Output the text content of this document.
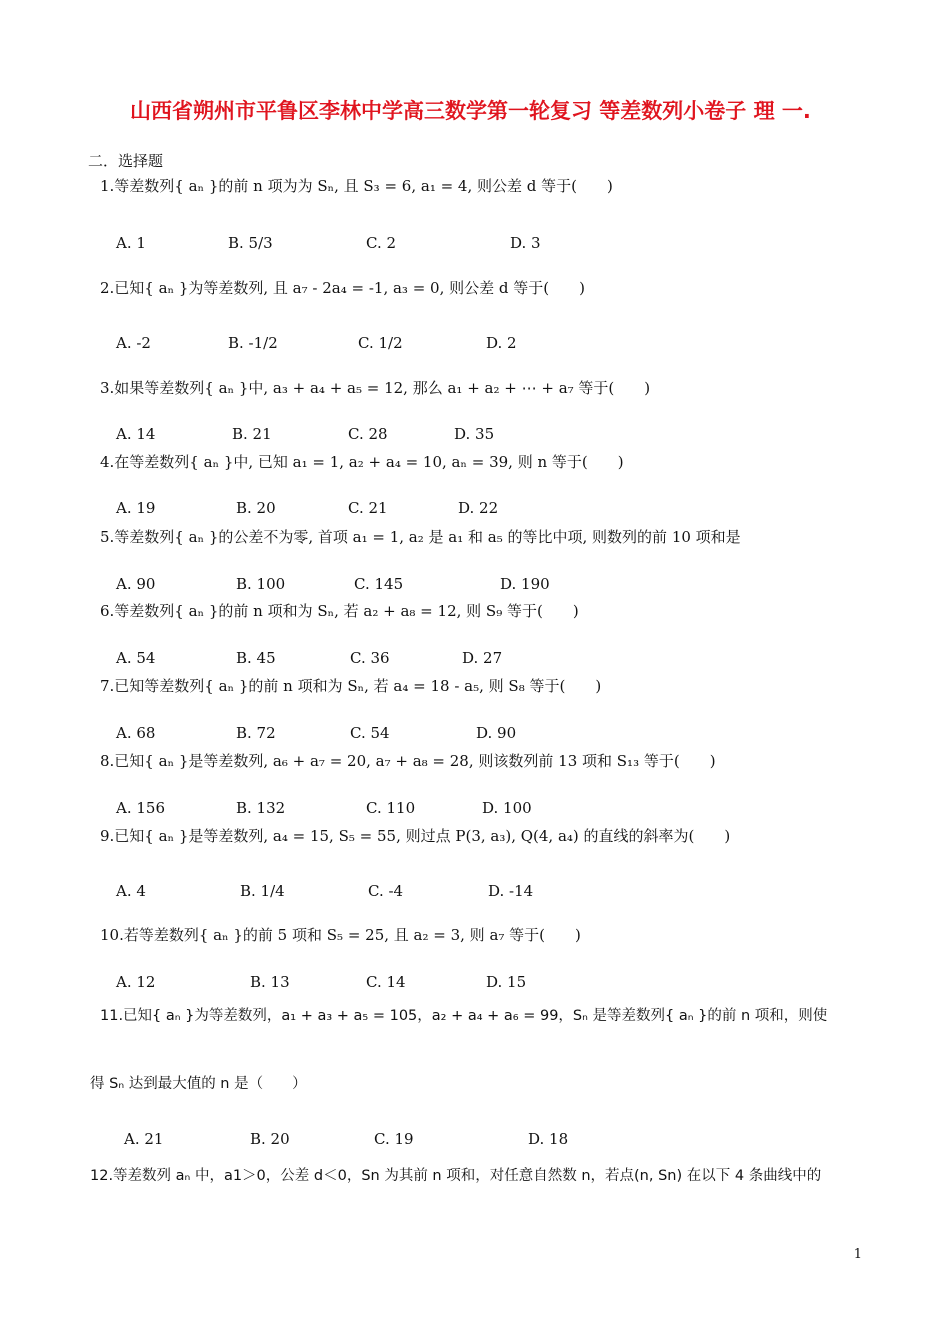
山西省朔州市平鲁区李林中学高三数学第一轮复习 等差数列小卷子 理 一.
二．选择题
1.等差数列{ aₙ }的前 n 项为为 Sₙ, 且 S₃ = 6, a₁ = 4, 则公差 d 等于(　　)
A. 1	B. 5/3	C. 2	D. 3
2.已知{ aₙ }为等差数列, 且 a₇ - 2a₄ = -1, a₃ = 0, 则公差 d 等于(　　)
A. -2	B. -1/2	C. 1/2	D. 2
3.如果等差数列{ aₙ }中, a₃ + a₄ + a₅ = 12, 那么 a₁ + a₂ + ⋯ + a₇ 等于(　　)
A. 14	B. 21	C. 28	D. 35
4.在等差数列{ aₙ }中, 已知 a₁ = 1, a₂ + a₄ = 10, aₙ = 39, 则 n 等于(　　)
A. 19	B. 20	C. 21	D. 22
5.等差数列{ aₙ }的公差不为零, 首项 a₁ = 1, a₂ 是 a₁ 和 a₅ 的等比中项, 则数列的前 10 项和是
A. 90	B. 100	C. 145	D. 190
6.等差数列{ aₙ }的前 n 项和为 Sₙ, 若 a₂ + a₈ = 12, 则 S₉ 等于(　　)
A. 54	B. 45	C. 36	D. 27
7.已知等差数列{ aₙ }的前 n 项和为 Sₙ, 若 a₄ = 18 - a₅, 则 S₈ 等于(　　)
A. 68	B. 72	C. 54	D. 90
8.已知{ aₙ }是等差数列, a₆ + a₇ = 20, a₇ + a₈ = 28, 则该数列前 13 项和 S₁₃ 等于(　　)
A. 156	B. 132	C. 110	D. 100
9.已知{ aₙ }是等差数列, a₄ = 15, S₅ = 55, 则过点 P(3, a₃), Q(4, a₄) 的直线的斜率为(　　)
A. 4	B. 1/4	C. -4	D. -14
10.若等差数列{ aₙ }的前 5 项和 S₅ = 25, 且 a₂ = 3, 则 a₇ 等于(　　)
A. 12	B. 13	C. 14	D. 15
11.已知{ aₙ }为等差数列，a₁ + a₃ + a₅ = 105，a₂ + a₄ + a₆ = 99，Sₙ 是等差数列{ aₙ }的前 n 项和，则使
得 Sₙ 达到最大值的 n 是（　　）
A. 21	B. 20	C. 19	D. 18
12.等差数列 aₙ 中，a1＞0，公差 d＜0，Sn 为其前 n 项和，对任意自然数 n，若点(n, Sn) 在以下 4 条曲线中的
1
